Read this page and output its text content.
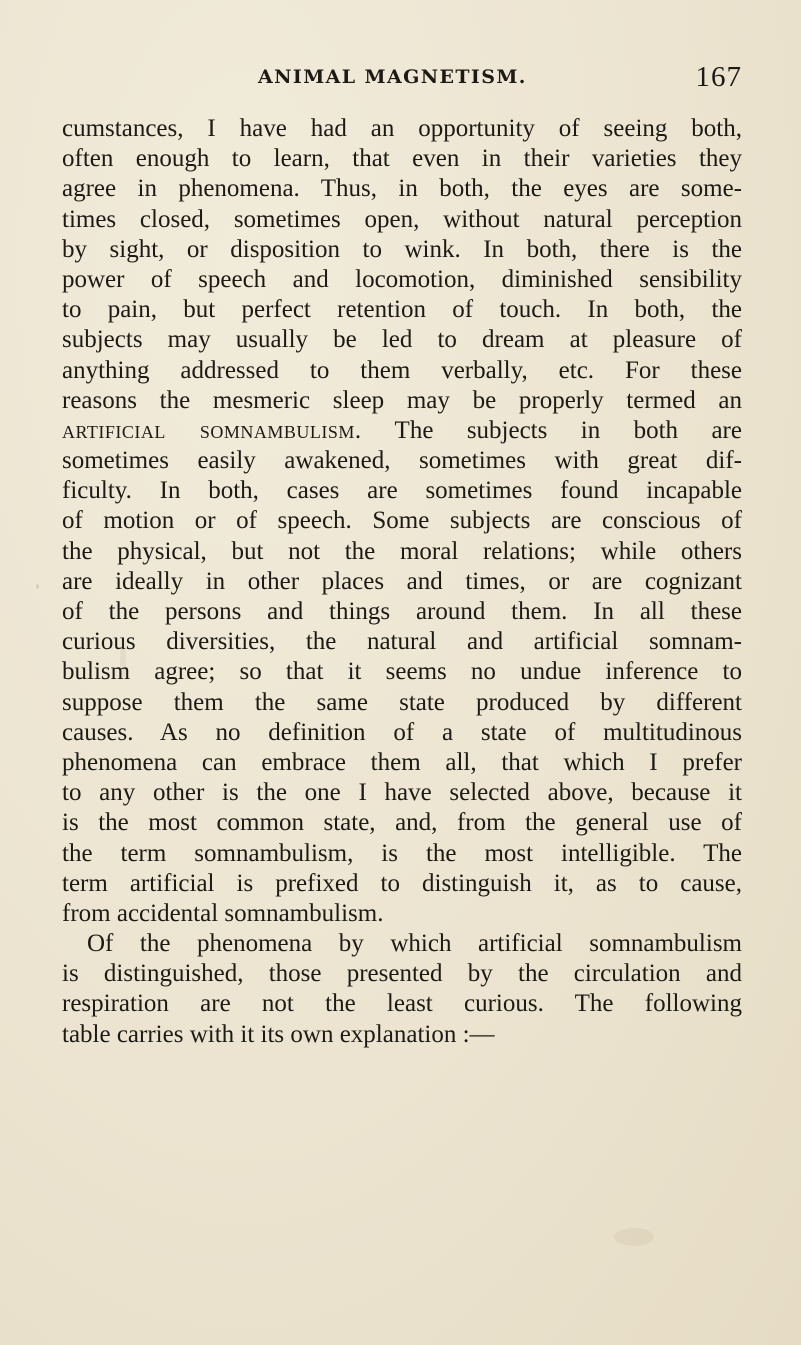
ANIMAL MAGNETISM.	167
cumstances, I have had an opportunity of seeing both,
often enough to learn, that even in their varieties they
agree in phenomena. Thus, in both, the eyes are some-
times closed, sometimes open, without natural perception
by sight, or disposition to wink. In both, there is the
power of speech and locomotion, diminished sensibility
to pain, but perfect retention of touch. In both, the
subjects may usually be led to dream at pleasure of
anything addressed to them verbally, etc. For these
reasons the mesmeric sleep may be properly termed an
artificial somnambulism. The subjects in both are
sometimes easily awakened, sometimes with great dif-
ficulty. In both, cases are sometimes found incapable
of motion or of speech. Some subjects are conscious of
the physical, but not the moral relations; while others
are ideally in other places and times, or are cognizant
of the persons and things around them. In all these
curious diversities, the natural and artificial somnam-
bulism agree; so that it seems no undue inference to
suppose them the same state produced by different
causes. As no definition of a state of multitudinous
phenomena can embrace them all, that which I prefer
to any other is the one I have selected above, because it
is the most common state, and, from the general use of
the term somnambulism, is the most intelligible. The
term artificial is prefixed to distinguish it, as to cause,
from accidental somnambulism.
Of the phenomena by which artificial somnambulism
is distinguished, those presented by the circulation and
respiration are not the least curious. The following
table carries with it its own explanation :—
